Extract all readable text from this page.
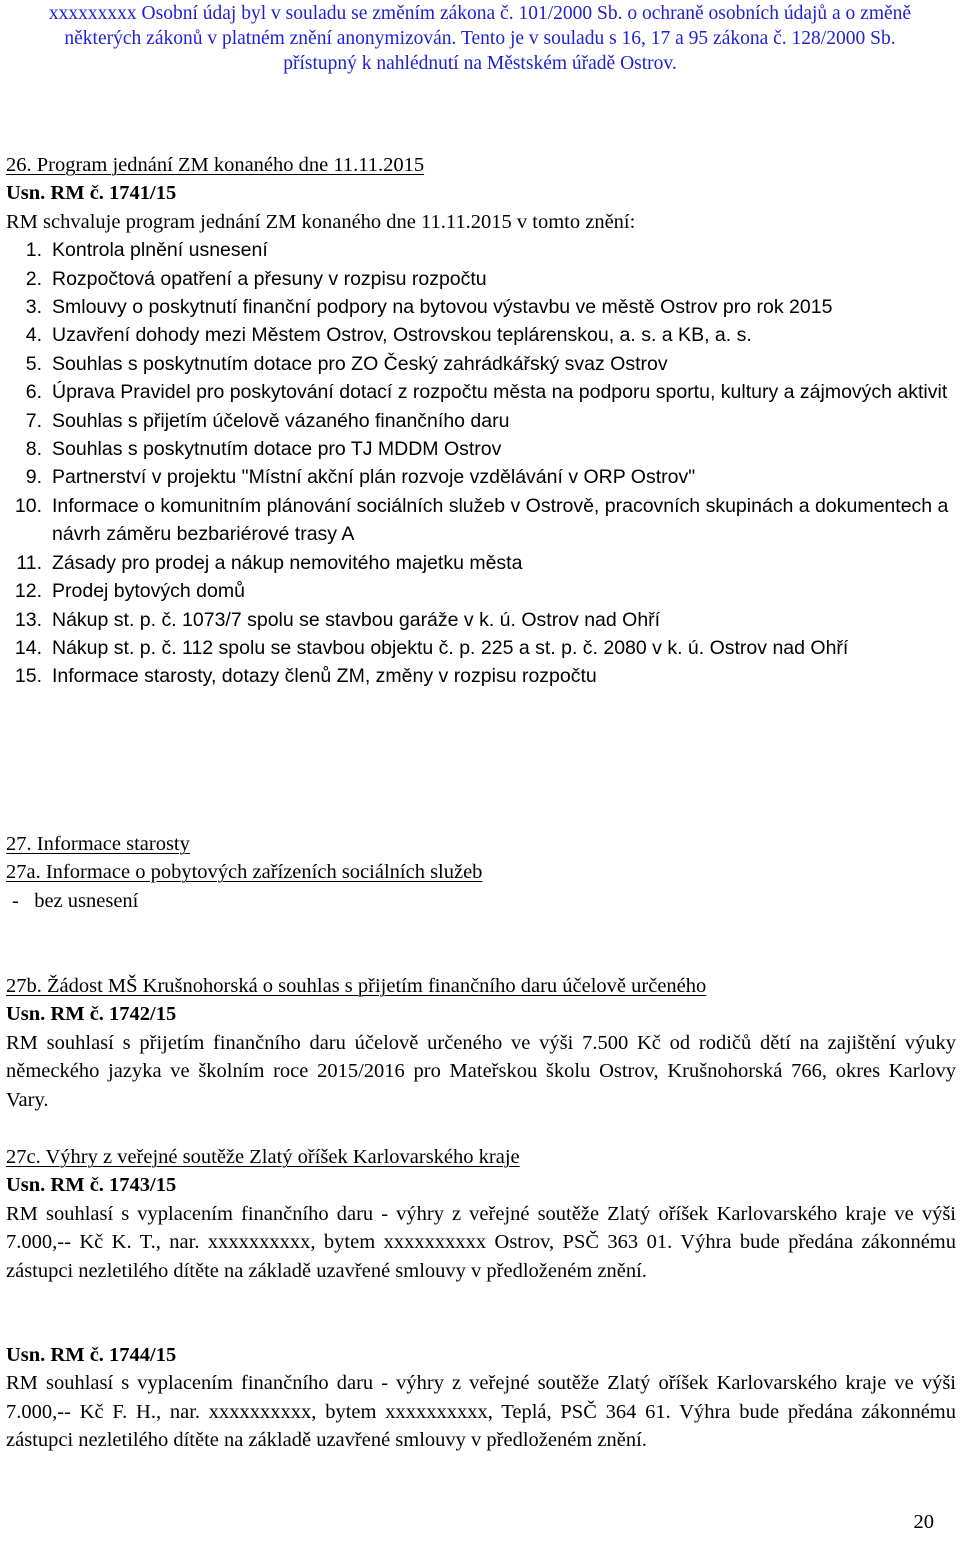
xxxxxxxxx Osobní údaj byl v souladu se změním zákona č. 101/2000 Sb. o ochraně osobních údajů a o změně
některých zákonů v platném znění anonymizován. Tento je v souladu s 16, 17 a 95 zákona č. 128/2000 Sb.
přístupný k nahlédnutí na Městském úřadě Ostrov.
26. Program jednání ZM konaného dne 11.11.2015
Usn. RM č. 1741/15
RM schvaluje program jednání ZM konaného dne 11.11.2015 v tomto znění:
1. Kontrola plnění usnesení
2. Rozpočtová opatření a přesuny v rozpisu rozpočtu
3. Smlouvy o poskytnutí finanční podpory na bytovou výstavbu ve městě Ostrov pro rok 2015
4. Uzavření dohody mezi Městem Ostrov, Ostrovskou teplárenskou, a. s. a KB, a. s.
5. Souhlas s poskytnutím dotace pro ZO Český zahrádkářský svaz Ostrov
6. Úprava Pravidel pro poskytování dotací z rozpočtu města na podporu sportu, kultury a zájmových aktivit
7. Souhlas s přijetím účelově vázaného finančního daru
8. Souhlas s poskytnutím dotace pro TJ MDDM Ostrov
9. Partnerství v projektu "Místní akční plán rozvoje vzdělávání v ORP Ostrov"
10. Informace o komunitním plánování sociálních služeb v Ostrově, pracovních skupinách a dokumentech a návrh záměru bezbariérové trasy A
11. Zásady pro prodej a nákup nemovitého majetku města
12. Prodej bytových domů
13. Nákup st. p. č. 1073/7 spolu se stavbou garáže v k. ú. Ostrov nad Ohří
14. Nákup st. p. č. 112 spolu se stavbou objektu č. p. 225 a st. p. č. 2080 v k. ú. Ostrov nad Ohří
15. Informace starosty, dotazy členů ZM, změny v rozpisu rozpočtu
27. Informace starosty
27a. Informace o pobytových zařízeních sociálních služeb
-   bez usnesení
27b. Žádost MŠ Krušnohorská o souhlas s přijetím finančního daru účelově určeného
Usn. RM č. 1742/15
RM souhlasí s přijetím finančního daru účelově určeného ve výši 7.500 Kč od rodičů dětí na zajištění výuky německého jazyka ve školním roce 2015/2016 pro Mateřskou školu Ostrov, Krušnohorská 766, okres Karlovy Vary.
27c. Výhry z veřejné soutěže Zlatý oříšek Karlovarského kraje
Usn. RM č. 1743/15
RM souhlasí s vyplacením finančního daru - výhry z veřejné soutěže Zlatý oříšek Karlovarského kraje ve výši 7.000,-- Kč K. T., nar. xxxxxxxxxx, bytem xxxxxxxxxx Ostrov, PSČ 363 01. Výhra bude předána zákonnému zástupci nezletilého dítěte na základě uzavřené smlouvy v předloženém znění.
Usn. RM č. 1744/15
RM souhlasí s vyplacením finančního daru - výhry z veřejné soutěže Zlatý oříšek Karlovarského kraje ve výši 7.000,-- Kč F. H., nar. xxxxxxxxxx, bytem xxxxxxxxxx, Teplá, PSČ 364 61. Výhra bude předána zákonnému zástupci nezletilého dítěte na základě uzavřené smlouvy v předloženém znění.
20
